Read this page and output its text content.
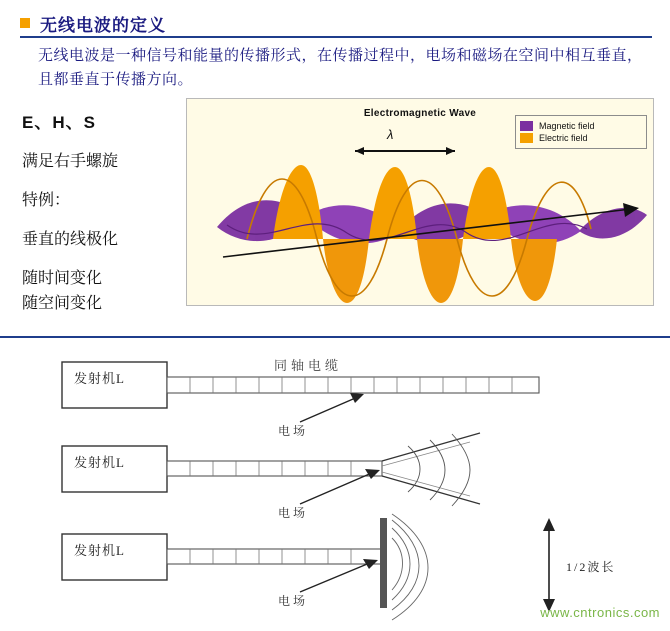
无线电波的定义
无线电波是一种信号和能量的传播形式，在传播过程中，电场和磁场在空间中相互垂直，且都垂直于传播方向。
E、H、S
满足右手螺旋
特例：
垂直的线极化
随时间变化
随空间变化
Electromagnetic Wave
Magnetic field
Electric field
λ
发射机L
发射机L
发射机L
同轴电缆
电场
电场
电场
1/2波长
www.cntronics.com
